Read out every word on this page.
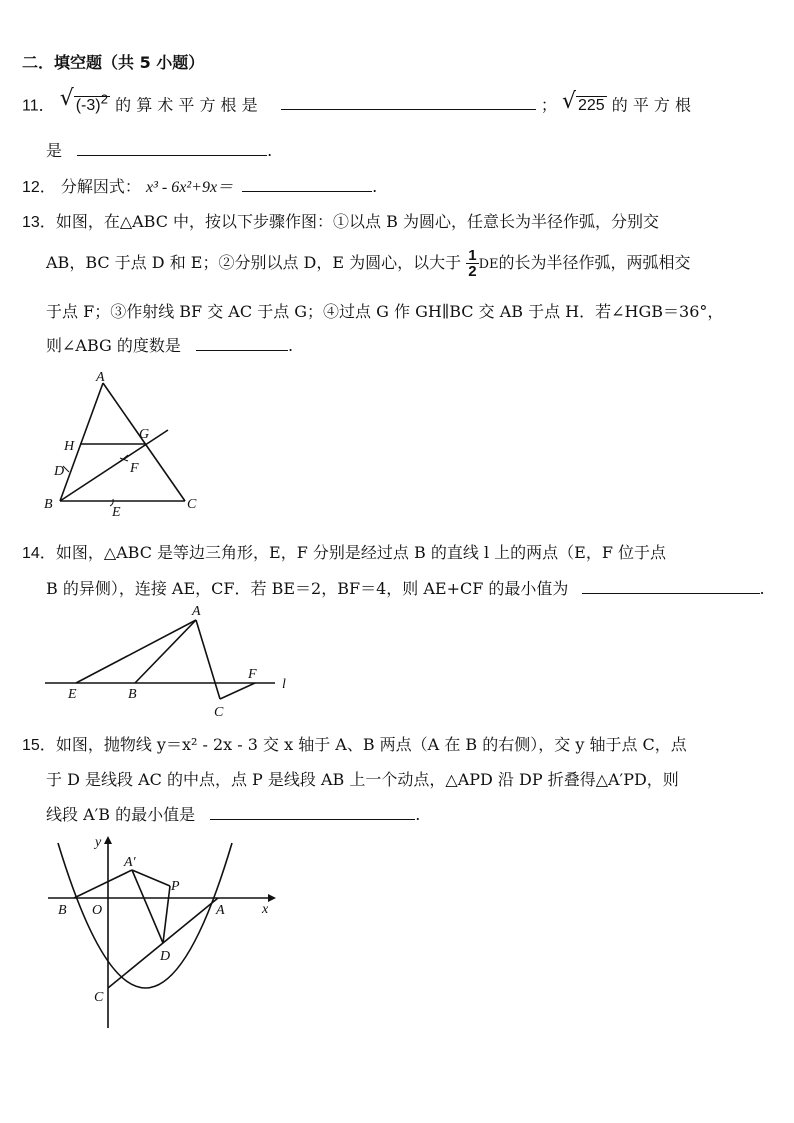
二．填空题（共 5 小题）
11． √ $(-3)^2$ 的 算 术 平 方 根 是	； √ 225 的 平 方 根
是	.
12． 分解因式： x³ - 6x²+9x＝	.
13．如图，在△ABC 中，按以下步骤作图：①以点 B 为圆心，任意长为半径作弧，分别交
AB，BC 于点 D 和 E；②分别以点 D，E 为圆心，以大于 $\frac{1}{2}$ DE的长为半径作弧，两弧相交
于点 F；③作射线 BF 交 AC 于点 G；④过点 G 作 GH∥BC 交 AB 于点 H．若∠HGB＝36°，
则∠ABG 的度数是	.
A
G
H
D	F
B	C
E
14．如图，△ABC 是等边三角形，E，F 分别是经过点 B 的直线 l 上的两点（E，F 位于点
B 的异侧），连接 AE，CF．若 BE＝2，BF＝4，则 AE+CF 的最小值为	.
A
E	B
C
F
l
15．如图，抛物线 y＝x² - 2x - 3 交 x 轴于 A、B 两点（A 在 B 的右侧），交 y 轴于点 C，点
于 D 是线段 AC 的中点，点 P 是线段 AB 上一个动点，△APD 沿 DP 折叠得△A′PD，则
线段 A′B 的最小值是	.
y
x
A′
P
B O	A
D
C
